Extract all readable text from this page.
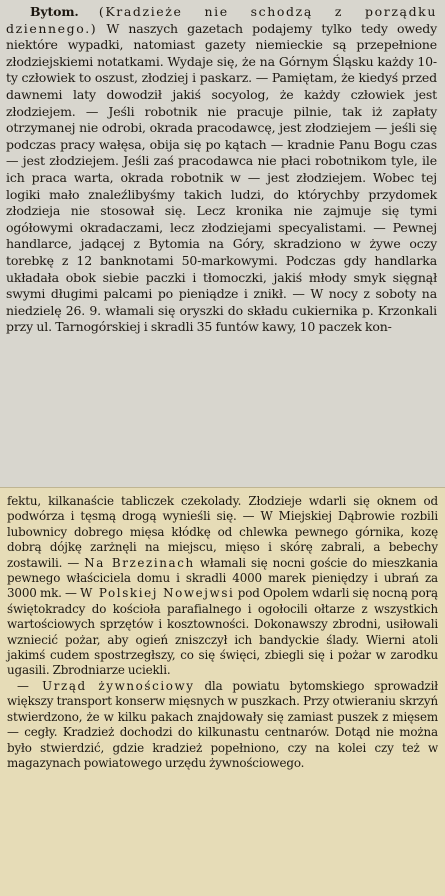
Bytom. (Kradzieże nie schodzą z porządku dziennego.) W naszych gazetach podajemy tylko tedy owedy niektóre wypadki, natomiast gazety niemieckie są przepełnione złodziejskiemi notatkami. Wydaje się, że na Górnym Śląsku każdy 10-ty człowiek to oszust, złodziej i paskarz. — Pamiętam, że kiedyś przed dawnemi laty dowodził jakiś socyolog, że każdy człowiek jest złodziejem. — Jeśli robotnik nie pracuje pilnie, tak iż zapłaty otrzymanej nie odrobi, okrada pracodawcę, jest złodziejem — jeśli się podczas pracy wałęsa, obija się po kątach — kradnie Panu Bogu czas — jest złodziejem. Jeśli zaś pracodawca nie płaci robotnikom tyle, ile ich praca warta, okrada robotnik w — jest złodziejem. Wobec tej logiki mało znaleźlibyśmy takich ludzi, do którychby przydomek złodzieja nie stosował się. Lecz kronika nie zajmuje się tymi ogółowymi okradaczami, lecz złodziejami specyalistami. — Pewnej handlarce, jadącej z Bytomia na Góry, skradziono w żywe oczy torebkę z 12 banknotami 50-markowymi. Podczas gdy handlarka układała obok siebie paczki i tłomoczki, jakiś młody smyk sięgnął swymi długimi palcami po pieniądze i znikł. — W nocy z soboty na niedzielę 26. 9. włamali się oryszki do składu cukiernika p. Krzonkali przy ul. Tarnogórskiej i skradli 35 funtów kawy, 10 paczek kon-

fektu, kilkanaście tabliczek czekolady. Złodzieje wdarli się oknem od podwórza i tęsmą drogą wynieśli się. — W Miejskiej Dąbrowie rozbili lubownicy dobrego mięsa kłódkę od chlewka pewnego górnika, kozę dobrą dójkę zarżnęli na miejscu, mięso i skórę zabrali, a bebechy zostawili. — Na Brzezinach włamali się nocni goście do mieszkania pewnego właściciela domu i skradli 4000 marek pieniędzy i ubrań za 3000 mk. — W Polskiej Nowejwsi pod Opolem wdarli się nocną porą świętokradcy do kościoła parafialnego i ogołocili ołtarze z wszystkich wartościowych sprzętów i kosztowności. Dokonawszy zbrodni, usiłowali wzniecić pożar, aby ogień zniszczył ich bandyckie ślady. Wierni atoli jakimś cudem spostrzegłszy, co się święci, zbiegli się i pożar w zarodku ugasili. Zbrodniarze uciekli.

— Urząd żywnościowy dla powiatu bytomskiego sprowadził większy transport konserw mięsnych w puszkach. Przy otwieraniu skrzyń stwierdzono, że w kilku pakach znajdowały się zamiast puszek z mięsem — cegły. Kradzież dochodzi do kilkunastu centnarów. Dotąd nie można było stwierdzić, gdzie kradzież popełniono, czy na kolei czy też w magazynach powiatowego urzędu żywnościowego.
